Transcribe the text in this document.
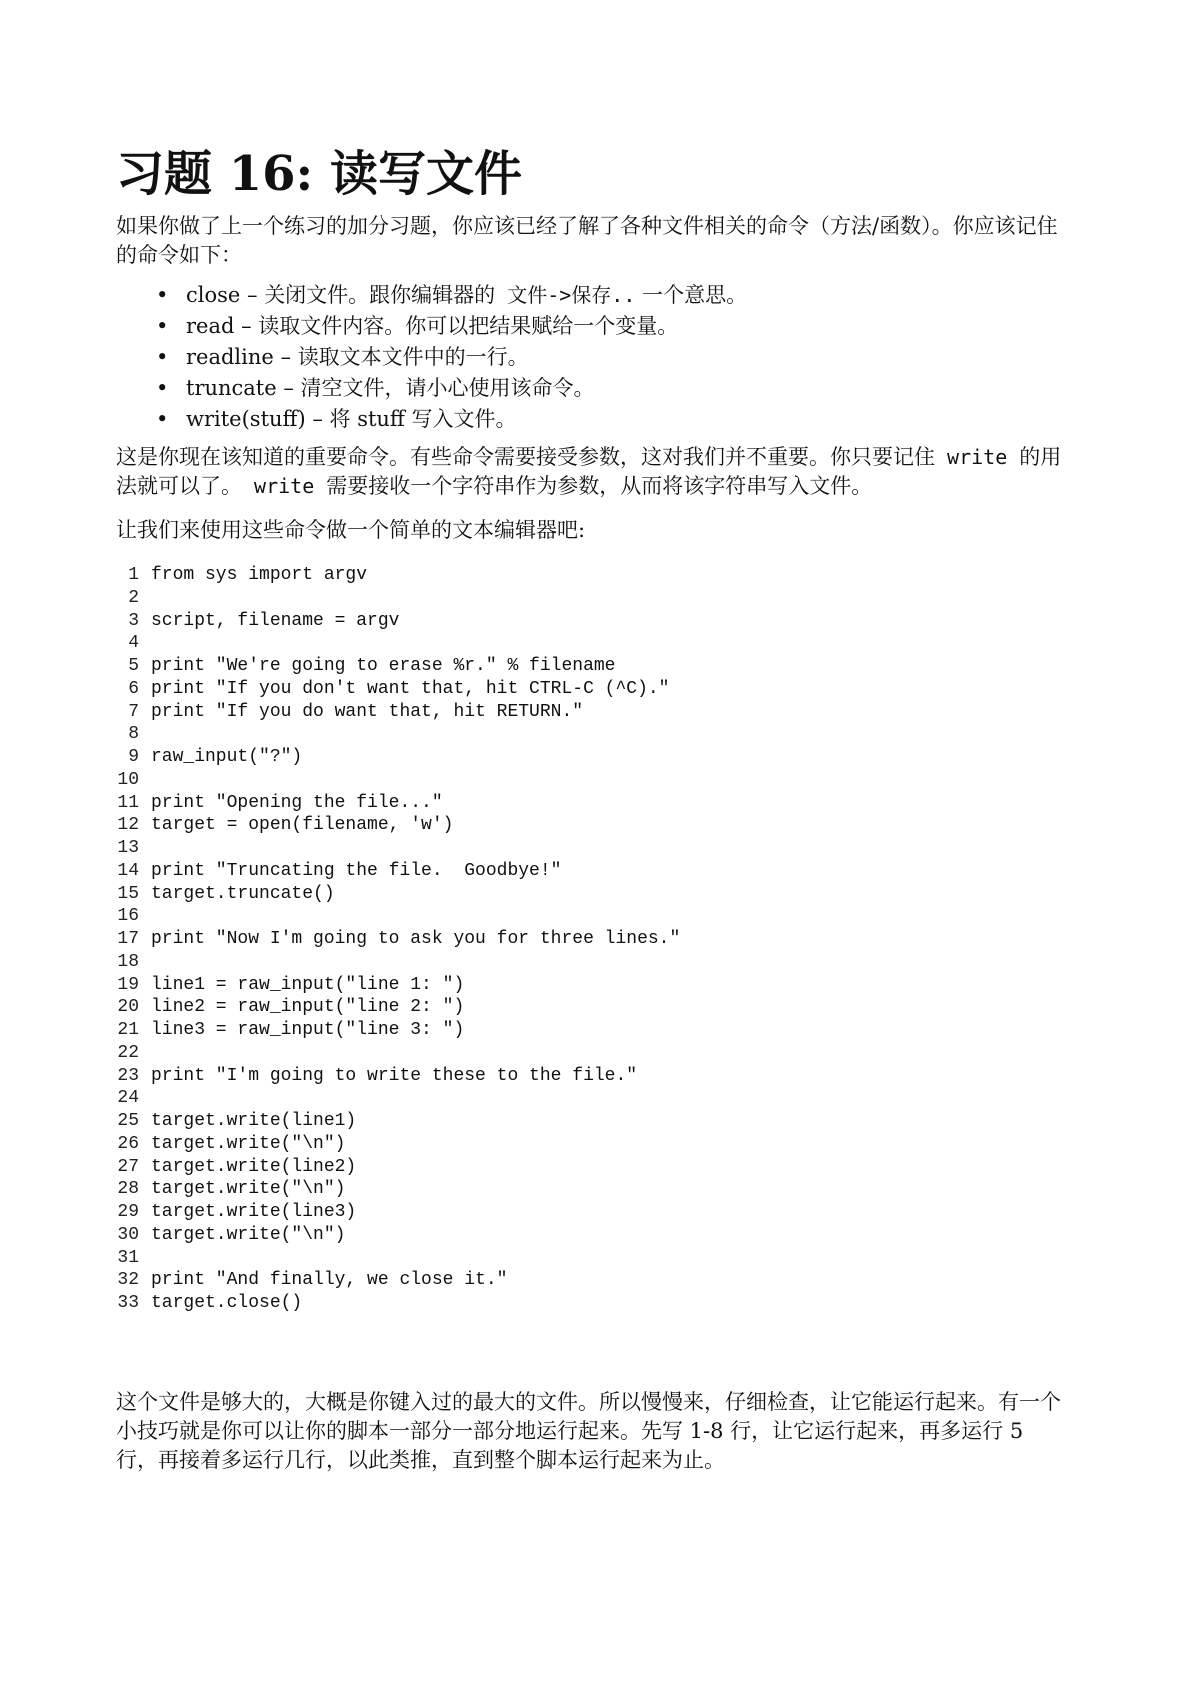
习题 16: 读写文件

如果你做了上一个练习的加分习题，你应该已经了解了各种文件相关的命令（方法/函数）。你应该记住的命令如下：

• close – 关闭文件。跟你编辑器的 文件->保存.. 一个意思。
• read – 读取文件内容。你可以把结果赋给一个变量。
• readline – 读取文本文件中的一行。
• truncate – 清空文件，请小心使用该命令。
• write(stuff) – 将 stuff 写入文件。

这是你现在该知道的重要命令。有些命令需要接受参数，这对我们并不重要。你只要记住 write 的用法就可以了。 write 需要接收一个字符串作为参数，从而将该字符串写入文件。

让我们来使用这些命令做一个简单的文本编辑器吧:

1 from sys import argv
2
3 script, filename = argv
4
5 print "We're going to erase %r." % filename
6 print "If you don't want that, hit CTRL-C (^C)."
7 print "If you do want that, hit RETURN."
8
9 raw_input("?")
10
11 print "Opening the file..."
12 target = open(filename, 'w')
13
14 print "Truncating the file.  Goodbye!"
15 target.truncate()
16
17 print "Now I'm going to ask you for three lines."
18
19 line1 = raw_input("line 1: ")
20 line2 = raw_input("line 2: ")
21 line3 = raw_input("line 3: ")
22
23 print "I'm going to write these to the file."
24
25 target.write(line1)
26 target.write("\n")
27 target.write(line2)
28 target.write("\n")
29 target.write(line3)
30 target.write("\n")
31
32 print "And finally, we close it."
33 target.close()

这个文件是够大的，大概是你键入过的最大的文件。所以慢慢来，仔细检查，让它能运行起来。有一个小技巧就是你可以让你的脚本一部分一部分地运行起来。先写 1-8 行，让它运行起来，再多运行 5 行，再接着多运行几行，以此类推，直到整个脚本运行起来为止。
